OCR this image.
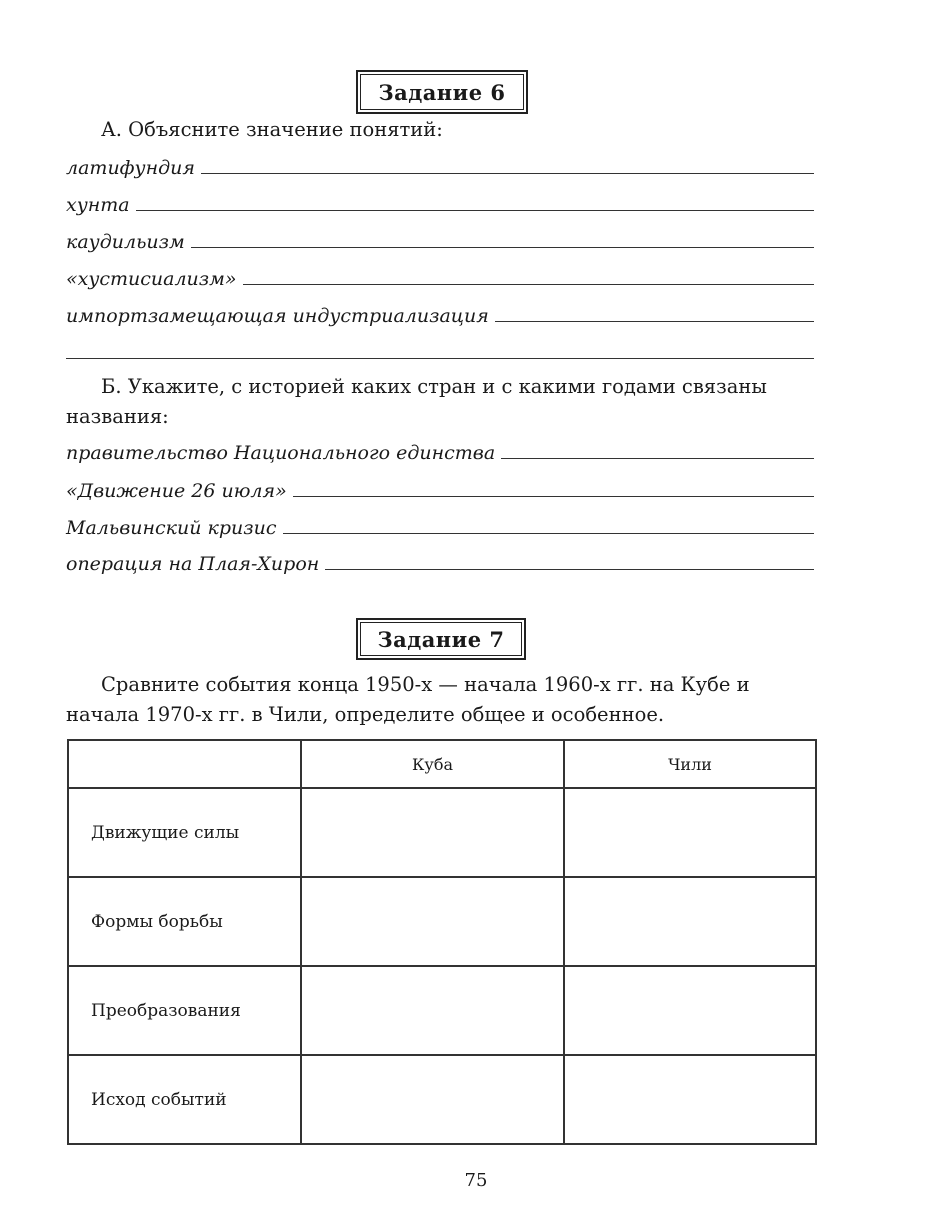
Задание 6
А. Объясните значение понятий:
латифундия
хунта
каудильизм
«хустисиализм»
импортзамещающая индустриализация
Б. Укажите, с историей каких стран и с какими годами связаны названия:
правительство Национального единства
«Движение 26 июля»
Мальвинский кризис
операция на Плая-Хирон
Задание 7
Сравните события конца 1950-х — начала 1960-х гг. на Кубе и начала 1970-х гг. в Чили, определите общее и особенное.
	Куба	Чили
Движущие силы		
Формы борьбы		
Преобразования		
Исход событий		
75
